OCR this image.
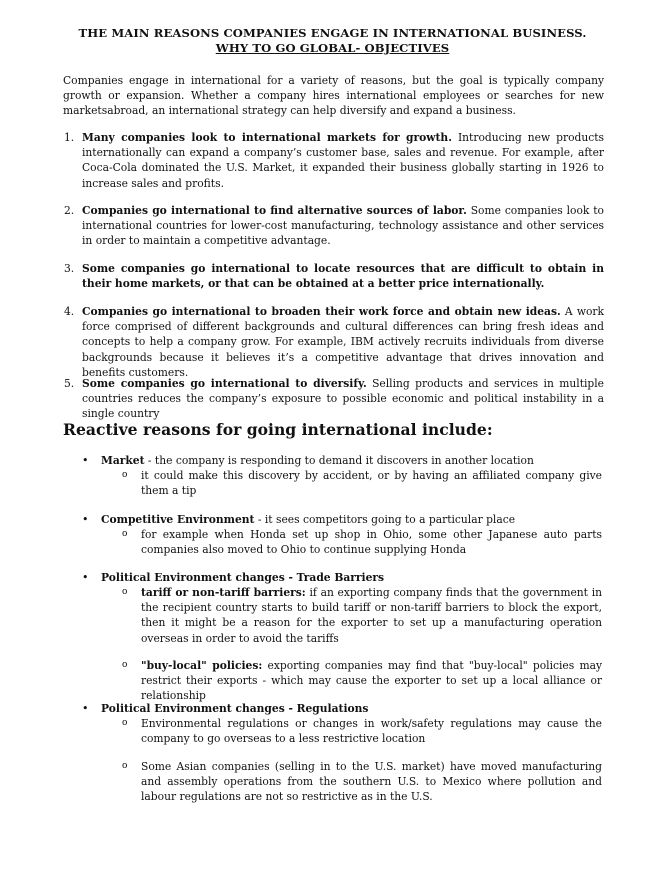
THE MAIN REASONS COMPANIES ENGAGE IN INTERNATIONAL BUSINESS.
WHY TO GO GLOBAL- OBJECTIVES
Companies engage in international for a variety of reasons, but the goal is typically company growth or expansion. Whether a company hires international employees or searches for new marketsabroad, an international strategy can help diversify and expand a business.
1. Many companies look to international markets for growth. Introducing new products internationally can expand a company’s customer base, sales and revenue. For example, after Coca-Cola dominated the U.S. Market, it expanded their business globally starting in 1926 to increase sales and profits.
2. Companies go international to find alternative sources of labor. Some companies look to international countries for lower-cost manufacturing, technology assistance and other services in order to maintain a competitive advantage.
3. Some companies go international to locate resources that are difficult to obtain in their home markets, or that can be obtained at a better price internationally.
4. Companies go international to broaden their work force and obtain new ideas. A work force comprised of different backgrounds and cultural differences can bring fresh ideas and concepts to help a company grow. For example, IBM actively recruits individuals from diverse backgrounds because it believes it’s a competitive advantage that drives innovation and benefits customers.
5. Some companies go international to diversify. Selling products and services in multiple countries reduces the company’s exposure to possible economic and political instability in a single country
Reactive reasons for going international include:
• Market - the company is responding to demand it discovers in another location
o it could make this discovery by accident, or by having an affiliated company give them a tip
• Competitive Environment - it sees competitors going to a particular place
o for example when Honda set up shop in Ohio, some other Japanese auto parts companies also moved to Ohio to continue supplying Honda
• Political Environment changes - Trade Barriers
o tariff or non-tariff barriers: if an exporting company finds that the government in the recipient country starts to build tariff or non-tariff barriers to block the export, then it might be a reason for the exporter to set up a manufacturing operation overseas in order to avoid the tariffs
o "buy-local" policies: exporting companies may find that "buy-local" policies may restrict their exports - which may cause the exporter to set up a local alliance or relationship
• Political Environment changes - Regulations
o Environmental regulations or changes in work/safety regulations may cause the company to go overseas to a less restrictive location
o Some Asian companies (selling in to the U.S. market) have moved manufacturing and assembly operations from the southern U.S. to Mexico where pollution and labour regulations are not so restrictive as in the U.S.
